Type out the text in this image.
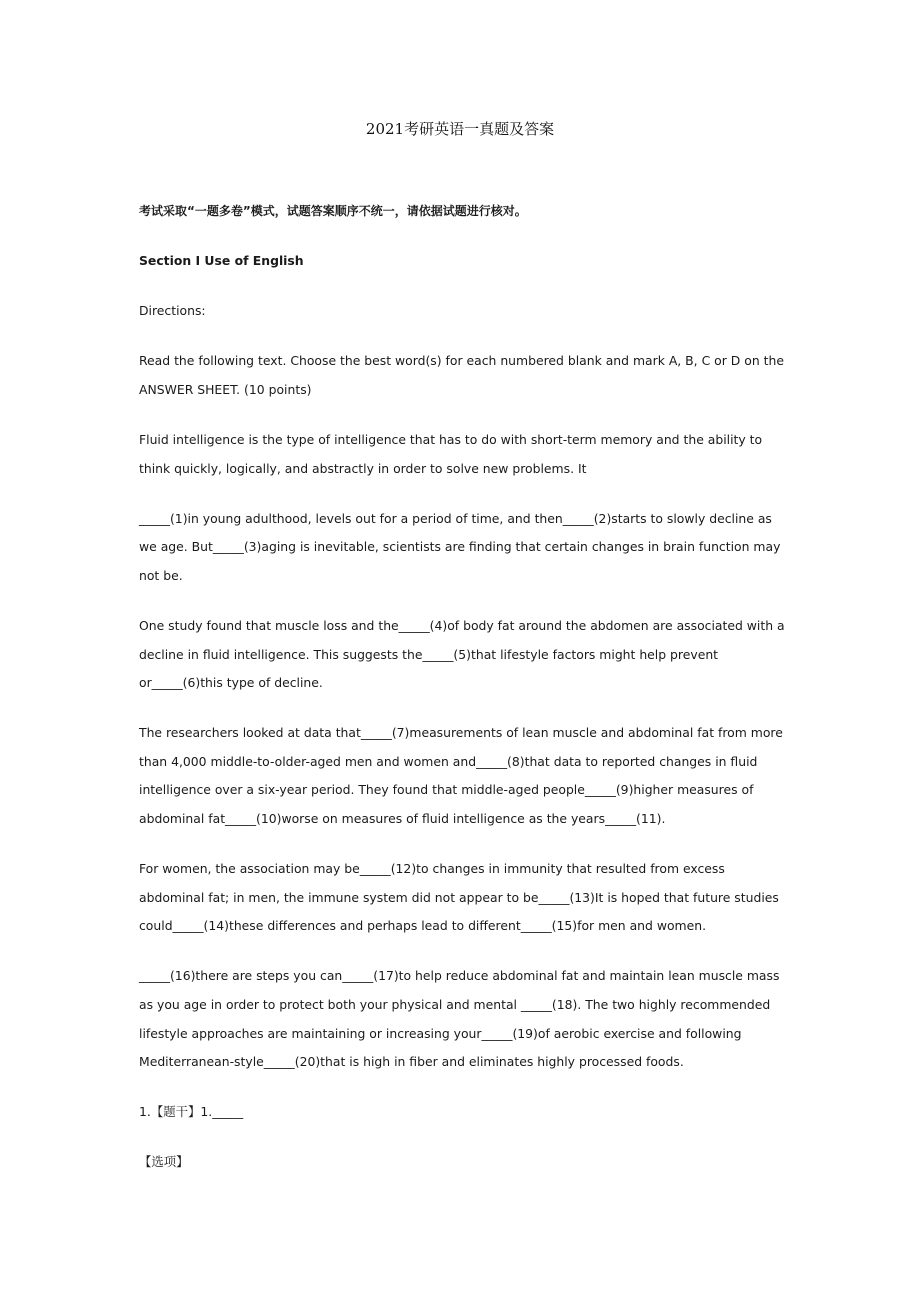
2021考研英语一真题及答案

考试采取“一题多卷”模式，试题答案顺序不统一，请依据试题进行核对。

Section I Use of English

Directions:

Read the following text. Choose the best word(s) for each numbered blank and mark A, B, C or D on the ANSWER SHEET. (10 points)

Fluid intelligence is the type of intelligence that has to do with short-term memory and the ability to think quickly, logically, and abstractly in order to solve new problems. It

_____(1)in young adulthood, levels out for a period of time, and then_____(2)starts to slowly decline as we age. But_____(3)aging is inevitable, scientists are finding that certain changes in brain function may not be.

One study found that muscle loss and the_____(4)of body fat around the abdomen are associated with a decline in fluid intelligence. This suggests the_____(5)that lifestyle factors might help prevent or_____(6)this type of decline.

The researchers looked at data that_____(7)measurements of lean muscle and abdominal fat from more than 4,000 middle-to-older-aged men and women and_____(8)that data to reported changes in fluid intelligence over a six-year period. They found that middle-aged people_____(9)higher measures of abdominal fat_____(10)worse on measures of fluid intelligence as the years_____(11).

For women, the association may be_____(12)to changes in immunity that resulted from excess abdominal fat; in men, the immune system did not appear to be_____(13)It is hoped that future studies could_____(14)these differences and perhaps lead to different_____(15)for men and women.

_____(16)there are steps you can_____(17)to help reduce abdominal fat and maintain lean muscle mass as you age in order to protect both your physical and mental _____(18). The two highly recommended lifestyle approaches are maintaining or increasing your_____(19)of aerobic exercise and following Mediterranean-style_____(20)that is high in fiber and eliminates highly processed foods.

1.【题干】1._____

【选项】
